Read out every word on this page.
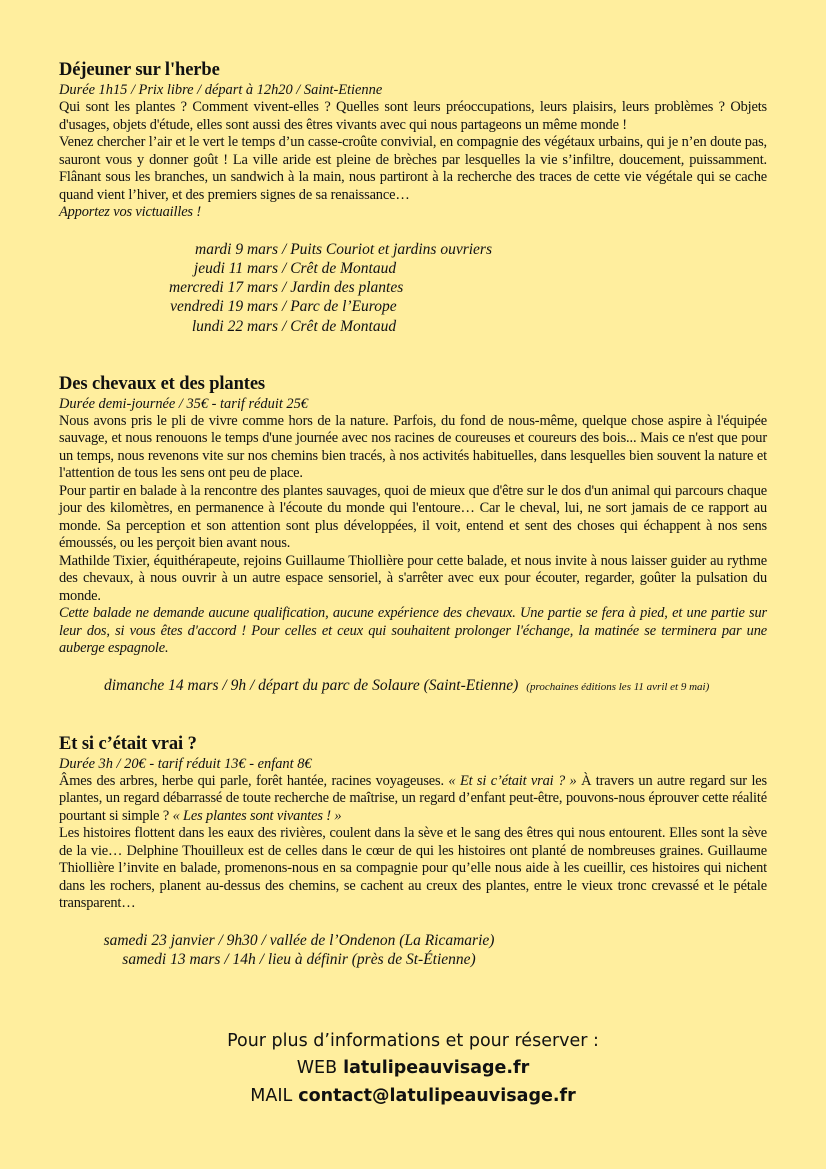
Déjeuner sur l'herbe

Durée 1h15 / Prix libre / départ à 12h20 / Saint-Etienne

Qui sont les plantes ? Comment vivent-elles ? Quelles sont leurs préoccupations, leurs plaisirs, leurs problèmes ? Objets d'usages, objets d'étude, elles sont aussi des êtres vivants avec qui nous partageons un même monde !

Venez chercher l’air et le vert le temps d’un casse-croûte convivial, en compagnie des végétaux urbains, qui je n’en doute pas, sauront vous y donner goût ! La ville aride est pleine de brèches par lesquelles la vie s’infiltre, doucement, puissamment. Flânant sous les branches, un sandwich à la main, nous partiront à la recherche des traces de cette vie végétale qui se cache quand vient l’hiver, et des premiers signes de sa renaissance…

Apportez vos victuailles !

mardi 9 mars / Puits Couriot et jardins ouvriers
jeudi 11 mars / Crêt de Montaud
mercredi 17 mars / Jardin des plantes
vendredi 19 mars / Parc de l’Europe
lundi 22 mars / Crêt de Montaud
Des chevaux et des plantes

Durée demi-journée / 35€ - tarif réduit 25€

Nous avons pris le pli de vivre comme hors de la nature. Parfois, du fond de nous-même, quelque chose aspire à l'équipée sauvage, et nous renouons le temps d'une journée avec nos racines de coureuses et coureurs des bois... Mais ce n'est que pour un temps, nous revenons vite sur nos chemins bien tracés, à nos activités habituelles, dans lesquelles bien souvent la nature et l'attention de tous les sens ont peu de place.

Pour partir en balade à la rencontre des plantes sauvages, quoi de mieux que d'être sur le dos d'un animal qui parcours chaque jour des kilomètres, en permanence à l'écoute du monde qui l'entoure… Car le cheval, lui, ne sort jamais de ce rapport au monde. Sa perception et son attention sont plus développées, il voit, entend et sent des choses qui échappent à nos sens émoussés, ou les perçoit bien avant nous.

Mathilde Tixier, équithérapeute, rejoins Guillaume Thiollière pour cette balade, et nous invite à nous laisser guider au rythme des chevaux, à nous ouvrir à un autre espace sensoriel, à s'arrêter avec eux pour écouter, regarder, goûter la pulsation du monde.

Cette balade ne demande aucune qualification, aucune expérience des chevaux. Une partie se fera à pied, et une partie sur leur dos, si vous êtes d'accord ! Pour celles et ceux qui souhaitent prolonger l'échange, la matinée se terminera par une auberge espagnole.

dimanche 14 mars / 9h / départ du parc de Solaure (Saint-Etienne) (prochaines éditions les 11 avril et 9 mai)
Et si c’était vrai ?

Durée 3h / 20€ - tarif réduit 13€ - enfant 8€

Âmes des arbres, herbe qui parle, forêt hantée, racines voyageuses. « Et si c’était vrai ? » À travers un autre regard sur les plantes, un regard débarrassé de toute recherche de maîtrise, un regard d’enfant peut-être, pouvons-nous éprouver cette réalité pourtant si simple ? « Les plantes sont vivantes ! »

Les histoires flottent dans les eaux des rivières, coulent dans la sève et le sang des êtres qui nous entourent. Elles sont la sève de la vie… Delphine Thouilleux est de celles dans le cœur de qui les histoires ont planté de nombreuses graines. Guillaume Thiollière l’invite en balade, promenons-nous en sa compagnie pour qu’elle nous aide à les cueillir, ces histoires qui nichent dans les rochers, planent au-dessus des chemins, se cachent au creux des plantes, entre le vieux tronc crevassé et le pétale transparent…

samedi 23 janvier / 9h30 / vallée de l’Ondenon (La Ricamarie)
samedi 13 mars / 14h / lieu à définir (près de St-Étienne)
Pour plus d’informations et pour réserver :
WEB latulipeauvisage.fr
MAIL contact@latulipeauvisage.fr
